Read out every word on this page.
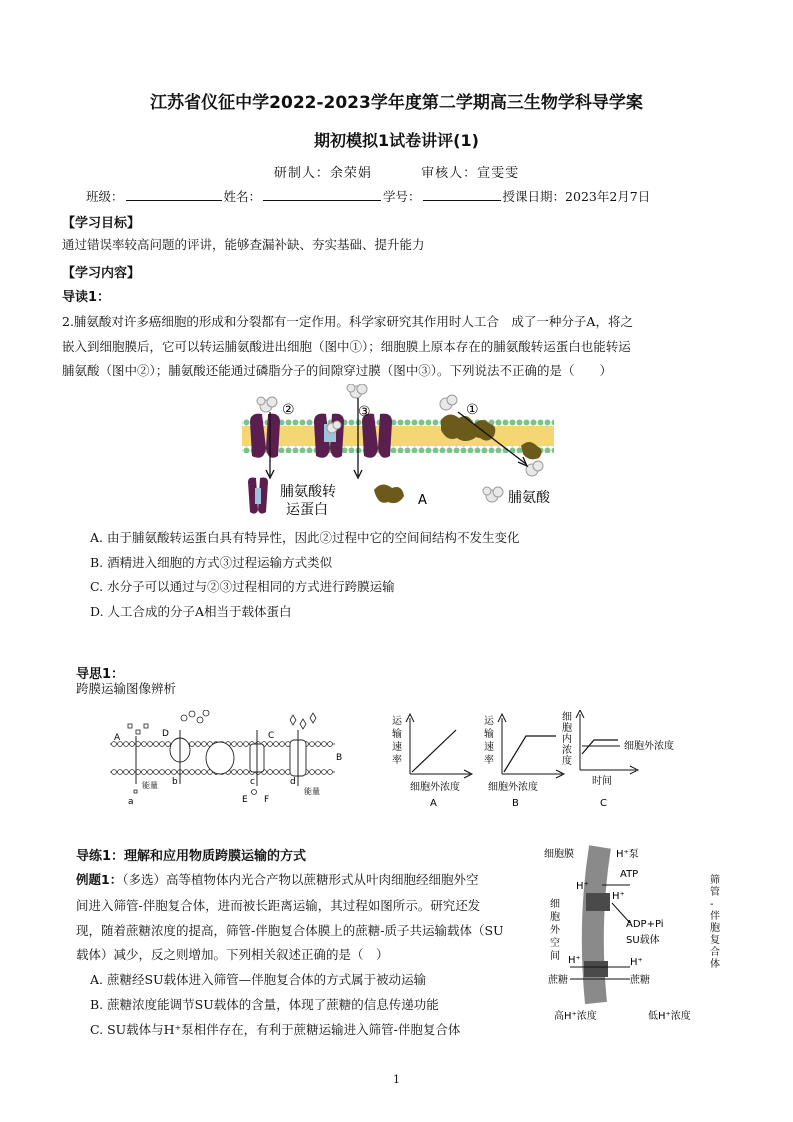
江苏省仪征中学2022-2023学年度第二学期高三生物学科导学案
期初模拟1试卷讲评(1)
研制人：余荣娟	审核人：宣雯雯
班级：	姓名：	学号：	授课日期：2023年2月7日
【学习目标】
通过错误率较高问题的评讲，能够查漏补缺、夯实基础、提升能力
【学习内容】
导读1：
2.脯氨酸对许多癌细胞的形成和分裂都有一定作用。科学家研究其作用时人工合　成了一种分子A，将之
嵌入到细胞膜后，它可以转运脯氨酸进出细胞（图中①）；细胞膜上原本存在的脯氨酸转运蛋白也能转运
脯氨酸（图中②）；脯氨酸还能通过磷脂分子的间隙穿过膜（图中③）。下列说法不正确的是（　　）
②	③	①
脯氨酸转
运蛋白
A	脯氨酸
A. 由于脯氨酸转运蛋白具有特异性，因此②过程中它的空间间结构不发生变化
B. 酒精进入细胞的方式③过程运输方式类似
C. 水分子可以通过与②③过程相同的方式进行跨膜运输
D. 人工合成的分子A相当于载体蛋白
导思1：
跨膜运输图像辨析
A
B
C
D
E F
a
b	c	d
能量
能量
运
输
速
率
细胞外浓度
A
运
输
速
率
细胞外浓度
B
细
胞
内
浓
度
细胞外浓度
时间
C
导练1：理解和应用物质跨膜运输的方式
例题1：（多选）高等植物体内光合产物以蔗糖形式从叶肉细胞经细胞外空
间进入筛管-伴胞复合体，进而被长距离运输，其过程如图所示。研究还发
现，随着蔗糖浓度的提高，筛管-伴胞复合体膜上的蔗糖-质子共运输载体（SU
载体）减少，反之则增加。下列相关叙述正确的是（　）
A. 蔗糖经SU载体进入筛管—伴胞复合体的方式属于被动运输
B. 蔗糖浓度能调节SU载体的含量，体现了蔗糖的信息传递功能
C. SU载体与H⁺泵相伴存在，有利于蔗糖运输进入筛管-伴胞复合体
细胞膜	H⁺泵
ATP
H⁺
H⁺
ADP+Pi
SU载体
H⁺	H⁺
蔗糖	蔗糖
细
胞
外
空
间
筛
管
-
伴
胞
复
合
体
高H⁺浓度	低H⁺浓度
1
